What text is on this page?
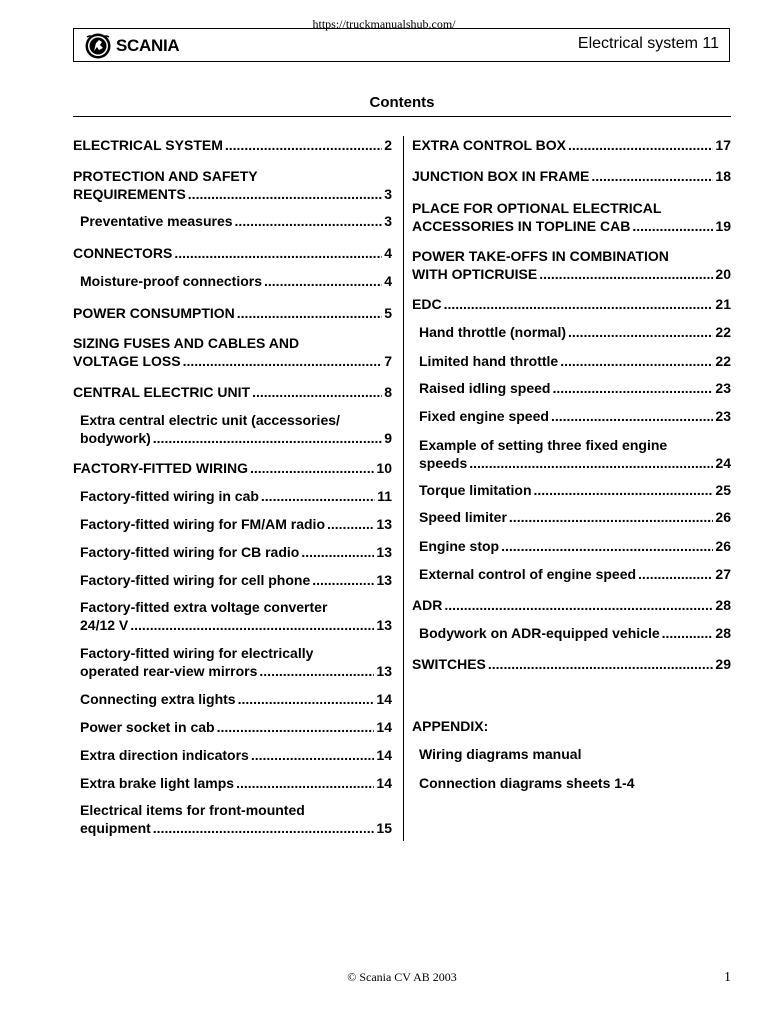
https://truckmanualshub.com/
SCANIA	Electrical system 11
Contents
ELECTRICAL SYSTEM .....	2
PROTECTION AND SAFETY
REQUIREMENTS .....	3
Preventative measures .....	3
CONNECTORS .....	4
Moisture-proof connectiors .....	4
POWER CONSUMPTION .....	5
SIZING FUSES AND CABLES AND
VOLTAGE LOSS .....	7
CENTRAL ELECTRIC UNIT .....	8
Extra central electric unit (accessories/
bodywork) .....	9
FACTORY-FITTED WIRING .....	10
Factory-fitted wiring in cab .....	11
Factory-fitted wiring for FM/AM radio .....	13
Factory-fitted wiring for CB radio .....	13
Factory-fitted wiring for cell phone .....	13
Factory-fitted extra voltage converter
24/12 V .....	13
Factory-fitted wiring for electrically
operated rear-view mirrors .....	13
Connecting extra lights .....	14
Power socket in cab .....	14
Extra direction indicators .....	14
Extra brake light lamps .....	14
Electrical items for front-mounted
equipment .....	15
EXTRA CONTROL BOX .....	17
JUNCTION BOX IN FRAME .....	18
PLACE FOR OPTIONAL ELECTRICAL
ACCESSORIES IN TOPLINE CAB .....	19
POWER TAKE-OFFS IN COMBINATION
WITH OPTICRUISE .....	20
EDC .....	21
Hand throttle (normal) .....	22
Limited hand throttle .....	22
Raised idling speed .....	23
Fixed engine speed .....	23
Example of setting three fixed engine
speeds .....	24
Torque limitation .....	25
Speed limiter .....	26
Engine stop .....	26
External control of engine speed .....	27
ADR .....	28
Bodywork on ADR-equipped vehicle .....	28
SWITCHES .....	29
APPENDIX:
Wiring diagrams manual
Connection diagrams sheets 1-4
© Scania CV AB 2003	1
